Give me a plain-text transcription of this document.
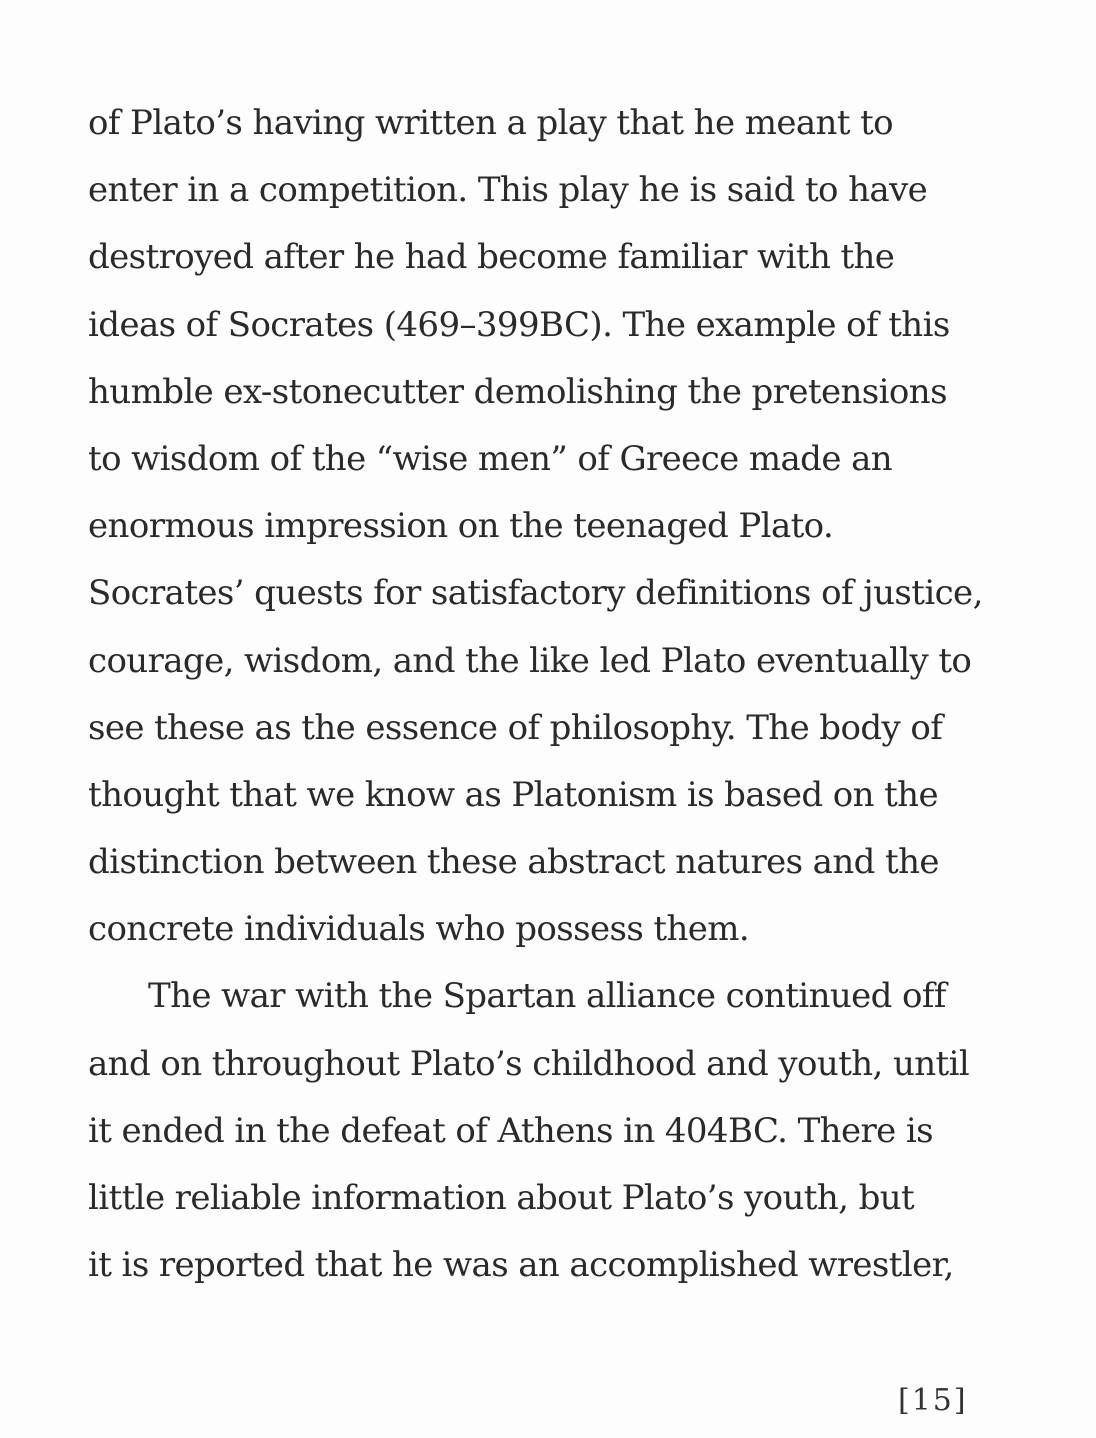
of Plato’s having written a play that he meant to
enter in a competition. This play he is said to have
destroyed after he had become familiar with the
ideas of Socrates (469–399BC). The example of this
humble ex-stonecutter demolishing the pretensions
to wisdom of the “wise men” of Greece made an
enormous impression on the teenaged Plato.
Socrates’ quests for satisfactory definitions of justice,
courage, wisdom, and the like led Plato eventually to
see these as the essence of philosophy. The body of
thought that we know as Platonism is based on the
distinction between these abstract natures and the
concrete individuals who possess them.
The war with the Spartan alliance continued off
and on throughout Plato’s childhood and youth, until
it ended in the defeat of Athens in 404BC. There is
little reliable information about Plato’s youth, but
it is reported that he was an accomplished wrestler,
[15]
